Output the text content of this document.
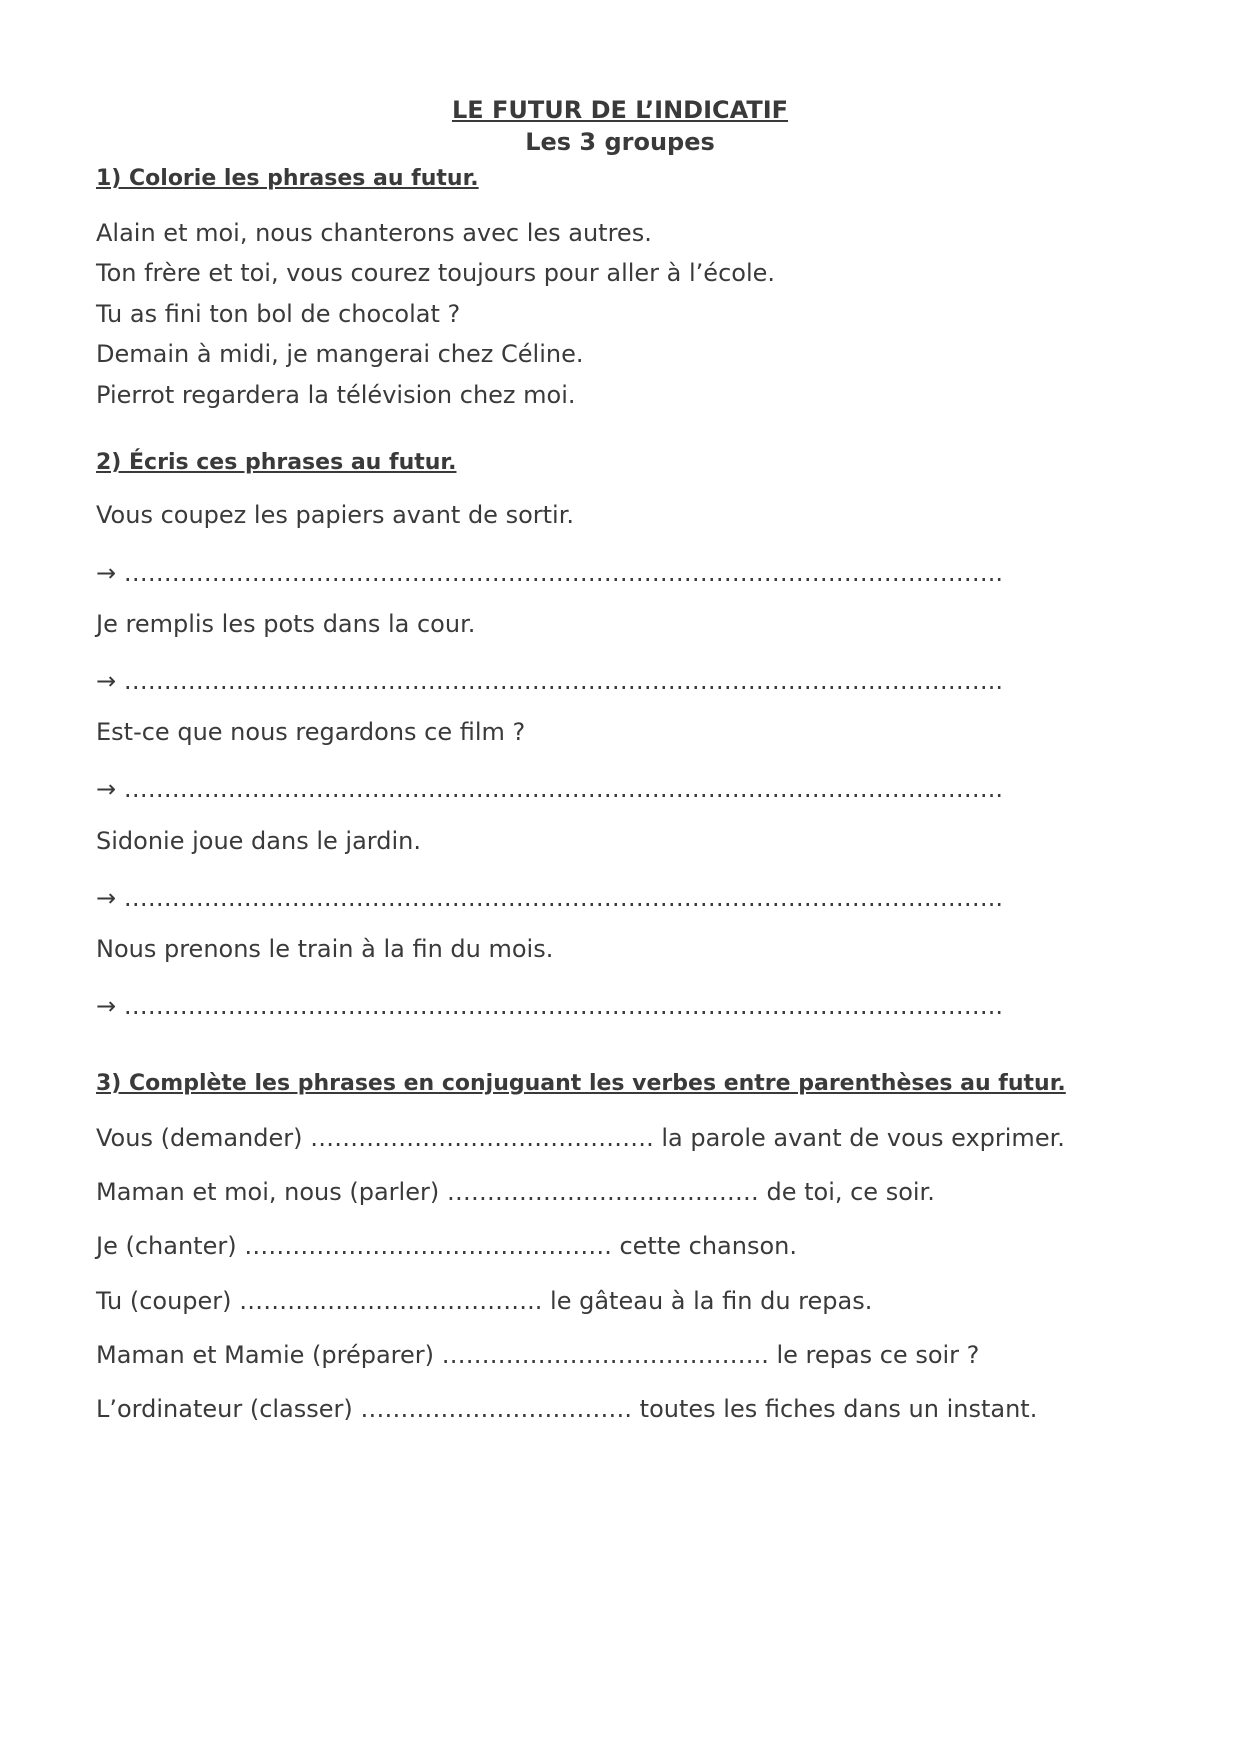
LE FUTUR DE L’INDICATIF
Les 3 groupes
1) Colorie les phrases au futur.
Alain et moi, nous chanterons avec les autres.
Ton frère et toi, vous courez toujours pour aller à l’école.
Tu as fini ton bol de chocolat ?
Demain à midi, je mangerai chez Céline.
Pierrot regardera la télévision chez moi.
2) Écris ces phrases au futur.
Vous coupez les papiers avant de sortir.
→ ………………………………………………………………………………………………..
Je remplis les pots dans la cour.
→ ………………………………………………………………………………………………..
Est-ce que nous regardons ce film ?
→ ………………………………………………………………………………………………..
Sidonie joue dans le jardin.
→ ………………………………………………………………………………………………..
Nous prenons le train à la fin du mois.
→ ………………………………………………………………………………………………..
3) Complète les phrases en conjuguant les verbes entre parenthèses au futur.
Vous (demander) ……………………………………. la parole avant de vous exprimer.
Maman et moi, nous (parler) ………………………………… de toi, ce soir.
Je (chanter) ………………………………………. cette chanson.
Tu (couper) ……………………………….. le gâteau à la fin du repas.
Maman et Mamie (préparer) ………………………………….. le repas ce soir ?
L’ordinateur (classer) ……………………………. toutes les fiches dans un instant.
